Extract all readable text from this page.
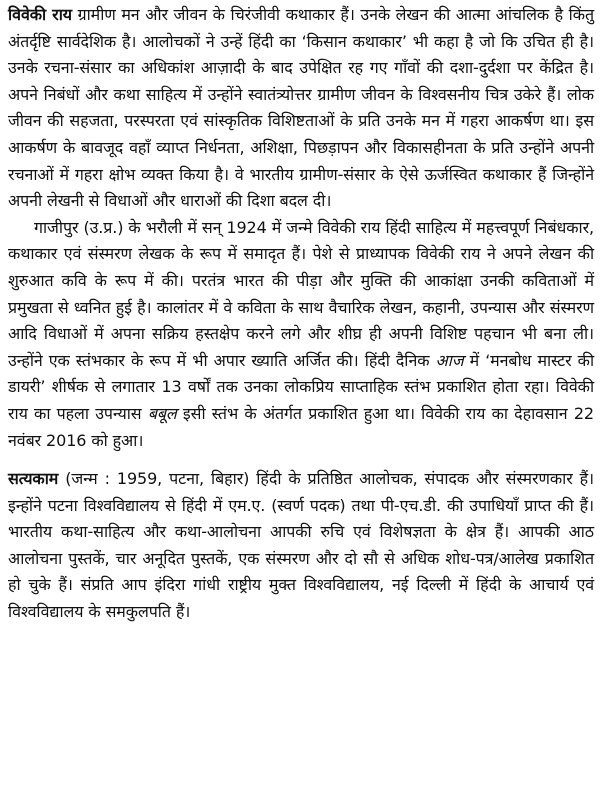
विवेकी राय ग्रामीण मन और जीवन के चिरंजीवी कथाकार हैं। उनके लेखन की आत्मा आंचलिक है किंतु अंतर्दृष्टि सार्वदेशिक है। आलोचकों ने उन्हें हिंदी का ‘किसान कथाकार’ भी कहा है जो कि उचित ही है। उनके रचना-संसार का अधिकांश आज़ादी के बाद उपेक्षित रह गए गाँवों की दशा-दुर्दशा पर केंद्रित है। अपने निबंधों और कथा साहित्य में उन्होंने स्वातंत्र्योत्तर ग्रामीण जीवन के विश्वसनीय चित्र उकेरे हैं। लोक जीवन की सहजता, परस्परता एवं सांस्कृतिक विशिष्टताओं के प्रति उनके मन में गहरा आकर्षण था। इस आकर्षण के बावजूद वहाँ व्याप्त निर्धनता, अशिक्षा, पिछड़ापन और विकासहीनता के प्रति उन्होंने अपनी रचनाओं में गहरा क्षोभ व्यक्त किया है। वे भारतीय ग्रामीण-संसार के ऐसे ऊर्जस्वित कथाकार हैं जिन्होंने अपनी लेखनी से विधाओं और धाराओं की दिशा बदल दी।

गाजीपुर (उ.प्र.) के भरौली में सन् 1924 में जन्मे विवेकी राय हिंदी साहित्य में महत्त्वपूर्ण निबंधकार, कथाकार एवं संस्मरण लेखक के रूप में समादृत हैं। पेशे से प्राध्यापक विवेकी राय ने अपने लेखन की शुरुआत कवि के रूप में की। परतंत्र भारत की पीड़ा और मुक्ति की आकांक्षा उनकी कविताओं में प्रमुखता से ध्वनित हुई है। कालांतर में वे कविता के साथ वैचारिक लेखन, कहानी, उपन्यास और संस्मरण आदि विधाओं में अपना सक्रिय हस्तक्षेप करने लगे और शीघ्र ही अपनी विशिष्ट पहचान भी बना ली। उन्होंने एक स्तंभकार के रूप में भी अपार ख्याति अर्जित की। हिंदी दैनिक आज में ‘मनबोध मास्टर की डायरी’ शीर्षक से लगातार 13 वर्षों तक उनका लोकप्रिय साप्ताहिक स्तंभ प्रकाशित होता रहा। विवेकी राय का पहला उपन्यास बबूल इसी स्तंभ के अंतर्गत प्रकाशित हुआ था। विवेकी राय का देहावसान 22 नवंबर 2016 को हुआ।

सत्यकाम (जन्म : 1959, पटना, बिहार) हिंदी के प्रतिष्ठित आलोचक, संपादक और संस्मरणकार हैं। इन्होंने पटना विश्वविद्यालय से हिंदी में एम.ए. (स्वर्ण पदक) तथा पी-एच.डी. की उपाधियाँ प्राप्त की हैं। भारतीय कथा-साहित्य और कथा-आलोचना आपकी रुचि एवं विशेषज्ञता के क्षेत्र हैं। आपकी आठ आलोचना पुस्तकें, चार अनूदित पुस्तकें, एक संस्मरण और दो सौ से अधिक शोध-पत्र/आलेख प्रकाशित हो चुके हैं। संप्रति आप इंदिरा गांधी राष्ट्रीय मुक्त विश्वविद्यालय, नई दिल्ली में हिंदी के आचार्य एवं विश्वविद्यालय के समकुलपति हैं।
